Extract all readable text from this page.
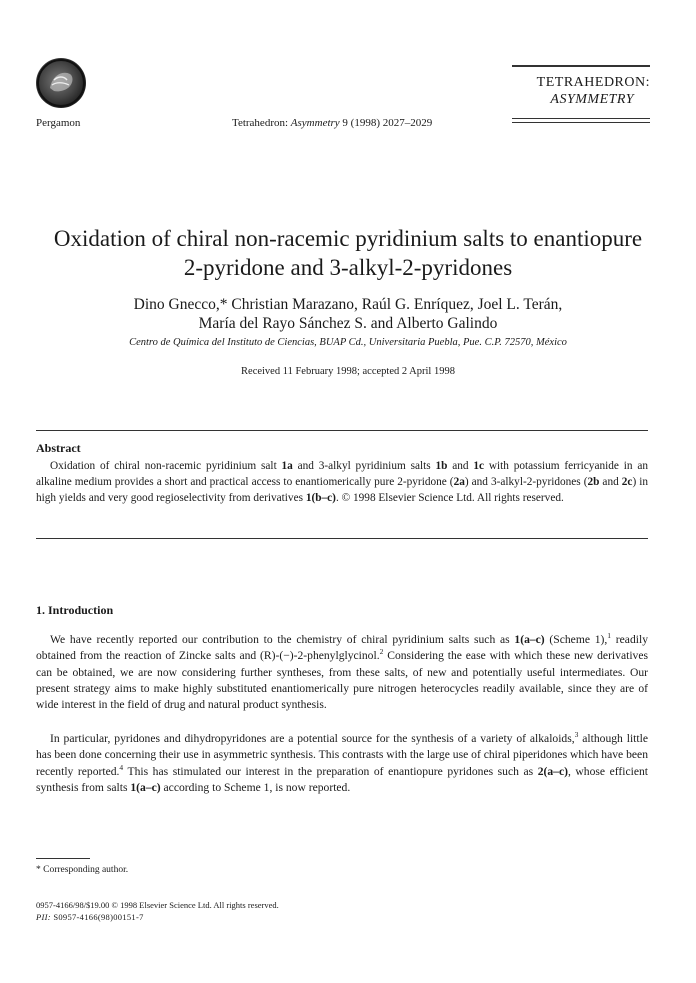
Pergamon	Tetrahedron: Asymmetry 9 (1998) 2027–2029
TETRAHEDRON:
ASYMMETRY
Oxidation of chiral non-racemic pyridinium salts to enantiopure
2-pyridone and 3-alkyl-2-pyridones
Dino Gnecco,* Christian Marazano, Raúl G. Enríquez, Joel L. Terán,
María del Rayo Sánchez S. and Alberto Galindo
Centro de Química del Instituto de Ciencias, BUAP Cd., Universitaria Puebla, Pue. C.P. 72570, México
Received 11 February 1998; accepted 2 April 1998
Abstract
Oxidation of chiral non-racemic pyridinium salt 1a and 3-alkyl pyridinium salts 1b and 1c with potassium ferricyanide in an alkaline medium provides a short and practical access to enantiomerically pure 2-pyridone (2a) and 3-alkyl-2-pyridones (2b and 2c) in high yields and very good regioselectivity from derivatives 1(b–c). © 1998 Elsevier Science Ltd. All rights reserved.
1. Introduction
We have recently reported our contribution to the chemistry of chiral pyridinium salts such as 1(a–c) (Scheme 1),$^1$ readily obtained from the reaction of Zincke salts and (R)-(−)-2-phenylglycinol.$^2$ Considering the ease with which these new derivatives can be obtained, we are now considering further syntheses, from these salts, of new and potentially useful intermediates. Our present strategy aims to make highly substituted enantiomerically pure nitrogen heterocycles readily available, since they are of wide interest in the field of drug and natural product synthesis.
In particular, pyridones and dihydropyridones are a potential source for the synthesis of a variety of alkaloids,$^3$ although little has been done concerning their use in asymmetric synthesis. This contrasts with the large use of chiral piperidones which have been recently reported.$^4$ This has stimulated our interest in the preparation of enantiopure pyridones such as 2(a–c), whose efficient synthesis from salts 1(a–c) according to Scheme 1, is now reported.
* Corresponding author.
0957-4166/98/$19.00 © 1998 Elsevier Science Ltd. All rights reserved.
PII: S0957-4166(98)00151-7
